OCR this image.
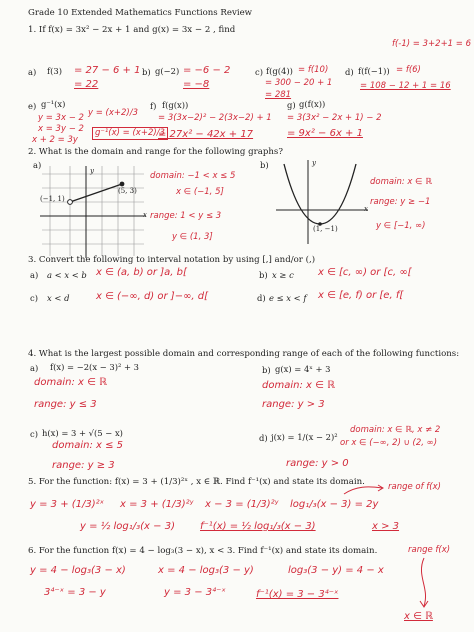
Grade 10 Extended Mathematics Functions Review
f(-1) = 3+2+1 = 6
1. If f(x) = 3x² − 2x + 1 and g(x) = 3x − 2 , find
a) f(3) = 27 − 6 + 1
= 22
b) g(−2) = −6 − 2
= −8
c) f(g(4)) = f(10)
= 300 − 20 + 1
= 281
d) f(f(−1)) = f(6)
= 108 − 12 + 1 = 16
e) g⁻¹(x)
y = 3x − 2
x = 3y − 2
x + 2 = 3y
y = (x+2)/3
g⁻¹(x) = (x+2)/3
f) f(g(x))
= 3(3x−2)² − 2(3x−2) + 1
= 27x² − 42x + 17
g) g(f(x))
= 3(3x² − 2x + 1) − 2
= 9x² − 6x + 1
2. What is the domain and range for the following graphs?
a)	b)
(−1, 1)
(5, 3)
y
x
domain: −1 < x ≤ 5
x ∈ (−1, 5]
range: 1 < y ≤ 3
y ∈ (1, 3]
(1, −1)
y
x
domain: x ∈ ℝ
range: y ≥ −1
y ∈ [−1, ∞)
3. Convert the following to interval notation by using [,] and/or (,)
a) a < x < b x ∈ (a, b) or ]a, b[	b) x ≥ c x ∈ [c, ∞) or [c, ∞[
c) x < d	x ∈ (−∞, d) or ]−∞, d[	d) e ≤ x < f x ∈ [e, f) or [e, f[
4. What is the largest possible domain and corresponding range of each of the following functions:
a) f(x) = −2(x − 3)² + 3
domain: x ∈ ℝ
range: y ≤ 3
b) g(x) = 4ˣ + 3
domain: x ∈ ℝ
range: y > 3
c) h(x) = 3 + √(5 − x)
domain: x ≤ 5
range: y ≥ 3
d) j(x) = 1/(x − 2)²
domain: x ∈ ℝ, x ≠ 2
or x ∈ (−∞, 2) ∪ (2, ∞)
range: y > 0
5. For the function: f(x) = 3 + (1/3)²ˣ , x ∈ ℝ. Find f⁻¹(x) and state its domain.	range of f(x)
y = 3 + (1/3)²ˣ x = 3 + (1/3)²ʸ x − 3 = (1/3)²ʸ log₁/₃(x − 3) = 2y
y = ½ log₁/₃(x − 3)	f⁻¹(x) = ½ log₁/₃(x − 3)	x > 3
6. For the function f(x) = 4 − log₃(3 − x), x < 3. Find f⁻¹(x) and state its domain.	range f(x)
y = 4 − log₃(3 − x)	x = 4 − log₃(3 − y)	log₃(3 − y) = 4 − x
3⁴⁻ˣ = 3 − y	y = 3 − 3⁴⁻ˣ	f⁻¹(x) = 3 − 3⁴⁻ˣ
x ∈ ℝ
